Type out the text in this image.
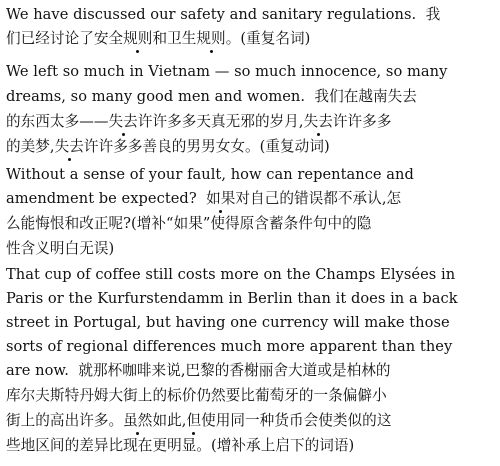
We have discussed our safety and sanitary regulations. 我
们已经讨论了安全规则和卫生规则。(重复名词)
We left so much in Vietnam — so much innocence, so many
dreams, so many good men and women. 我们在越南失去
的东西太多——失去许许多多天真无邪的岁月,失去许许多多
的美梦,失去许许多多善良的男男女女。(重复动词)
Without a sense of your fault, how can repentance and
amendment be expected? 如果对自己的错误都不承认,怎
么能悔恨和改正呢?(增补“如果”使得原含蓄条件句中的隐
性含义明白无误)
That cup of coffee still costs more on the Champs Elysées in
Paris or the Kurfurstendamm in Berlin than it does in a back
street in Portugal, but having one currency will make those
sorts of regional differences much more apparent than they
are now. 就那杯咖啡来说,巴黎的香榭丽舍大道或是柏林的
库尔夫斯特丹姆大街上的标价仍然要比葡萄牙的一条偏僻小
街上的高出许多。虽然如此,但使用同一种货币会使类似的这
些地区间的差异比现在更明显。(增补承上启下的词语)
